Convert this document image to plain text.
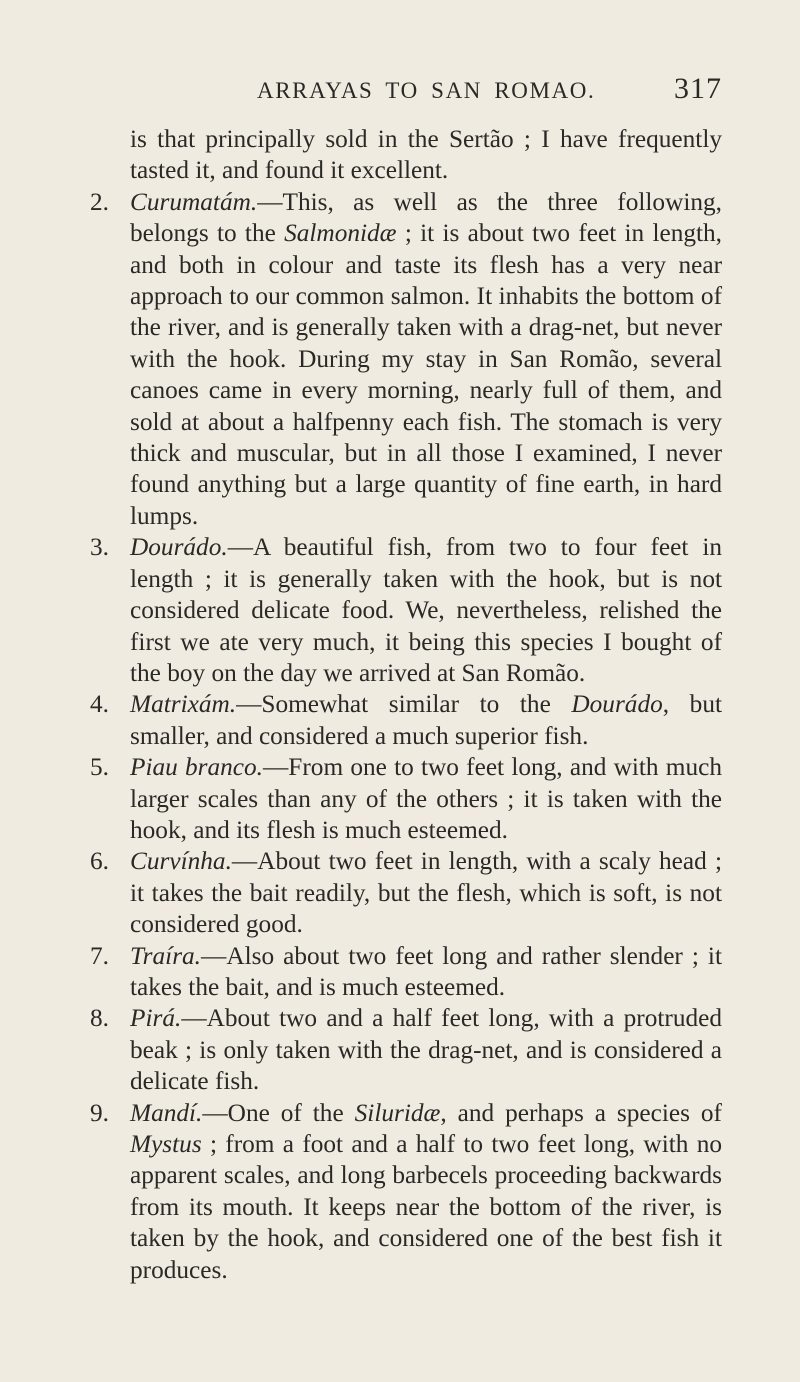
ARRAYAS TO SAN ROMAO.	317

is that principally sold in the Sertão ; I have frequently tasted it, and found it excellent.

2. Curumatám.—This, as well as the three following, belongs to the Salmonidæ ; it is about two feet in length, and both in colour and taste its flesh has a very near approach to our common salmon. It inhabits the bottom of the river, and is generally taken with a drag-net, but never with the hook. During my stay in San Romão, several canoes came in every morning, nearly full of them, and sold at about a halfpenny each fish. The stomach is very thick and muscular, but in all those I examined, I never found anything but a large quantity of fine earth, in hard lumps.

3. Dourádo.—A beautiful fish, from two to four feet in length ; it is generally taken with the hook, but is not considered delicate food. We, nevertheless, relished the first we ate very much, it being this species I bought of the boy on the day we arrived at San Romão.

4. Matrixám.—Somewhat similar to the Dourádo, but smaller, and considered a much superior fish.

5. Piau branco.—From one to two feet long, and with much larger scales than any of the others ; it is taken with the hook, and its flesh is much esteemed.

6. Curvínha.—About two feet in length, with a scaly head ; it takes the bait readily, but the flesh, which is soft, is not considered good.

7. Traíra.—Also about two feet long and rather slender ; it takes the bait, and is much esteemed.

8. Pirá.—About two and a half feet long, with a protruded beak ; is only taken with the drag-net, and is considered a delicate fish.

9. Mandí.—One of the Siluridæ, and perhaps a species of Mystus ; from a foot and a half to two feet long, with no apparent scales, and long barbecels proceeding backwards from its mouth. It keeps near the bottom of the river, is taken by the hook, and considered one of the best fish it produces.
